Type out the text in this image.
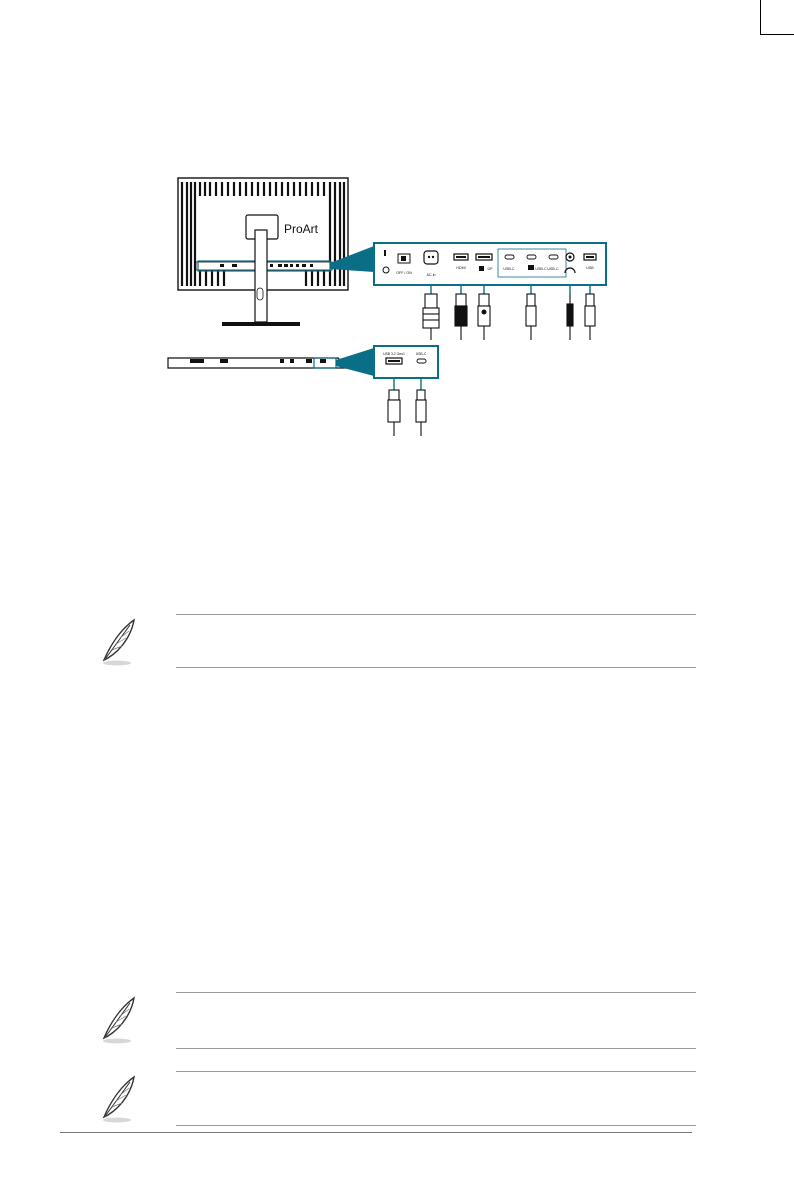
ProArt
OFF / ON	AC-in
HDMI	DP	USB-C	USB-C USB-C	USB
USB 3.2 Gen1	USB-C
